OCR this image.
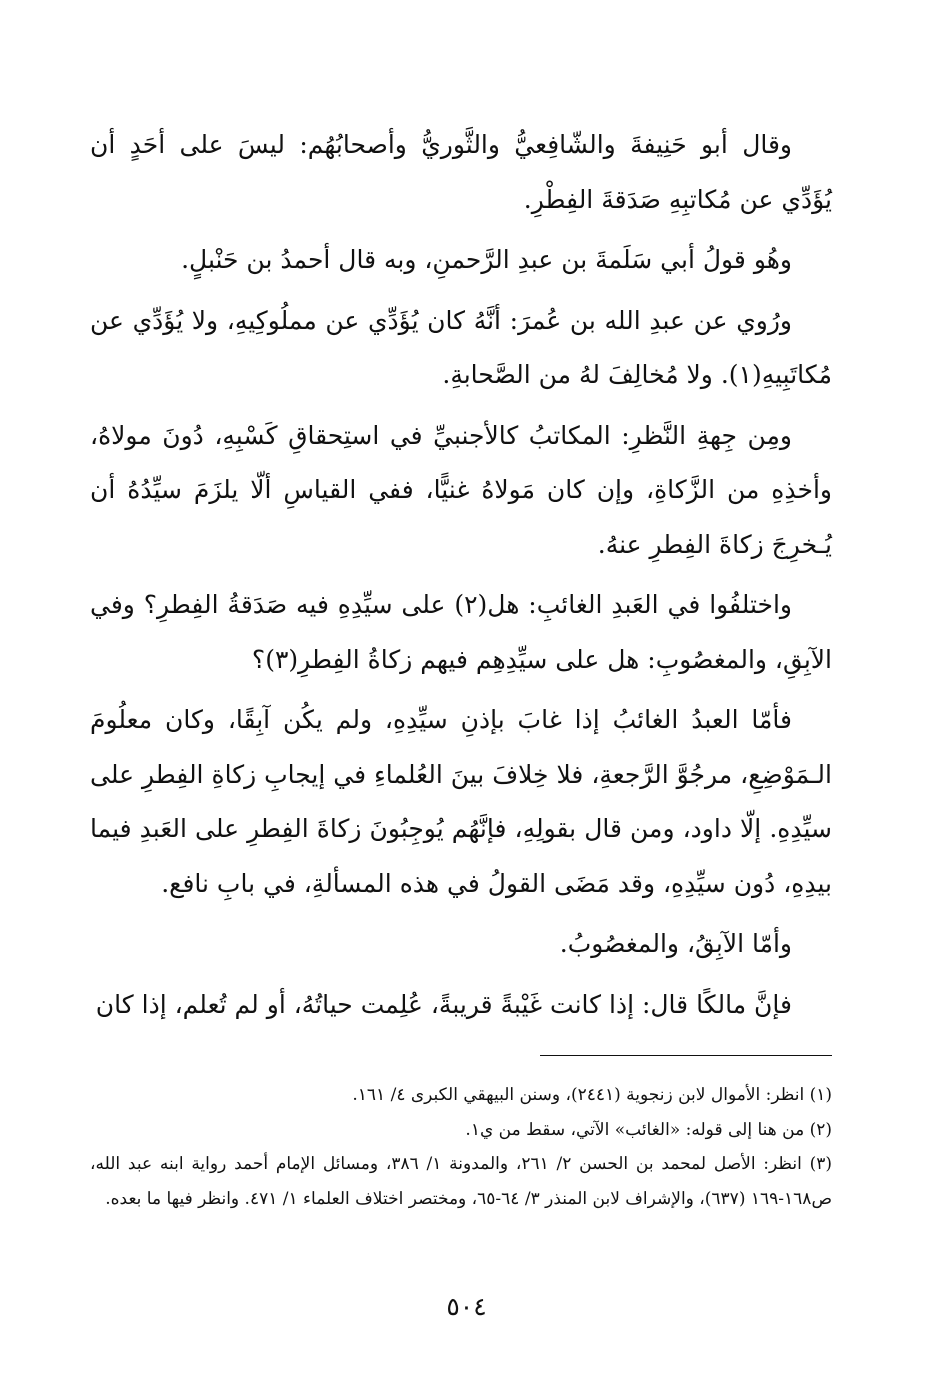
وقال أبو حَنِيفةَ والشّافِعيُّ والثَّوريُّ وأصحابُهُم: ليسَ على أحَدٍ أن يُؤَدِّي عن مُكاتبِهِ صَدَقةَ الفِطْرِ.

وهُو قولُ أبي سَلَمةَ بن عبدِ الرَّحمنِ، وبه قال أحمدُ بن حَنْبلٍ.

ورُوي عن عبدِ الله بن عُمرَ: أنَّهُ كان يُؤَدِّي عن مملُوكِيهِ، ولا يُؤَدِّي عن مُكاتَبِيهِ(١). ولا مُخالِفَ لهُ من الصَّحابةِ.

ومِن جِهةِ النَّظرِ: المكاتبُ كالأجنبيِّ في استِحقاقِ كَسْبِهِ، دُونَ مولاهُ، وأخذِهِ من الزَّكاةِ، وإن كان مَولاهُ غنيًّا، ففي القياسِ ألّا يلزَمَ سيِّدُهُ أن يُـخرِجَ زكاةَ الفِطرِ عنهُ.

واختلفُوا في العَبدِ الغائبِ: هل(٢) على سيِّدِهِ فيه صَدَقةُ الفِطرِ؟ وفي الآبِقِ، والمغصُوبِ: هل على سيِّدِهِم فيهم زكاةُ الفِطرِ(٣)؟

فأمّا العبدُ الغائبُ إذا غابَ بإذنِ سيِّدِهِ، ولم يكُن آبِقًا، وكان معلُومَ الـمَوْضِعِ، مرجُوَّ الرَّجعةِ، فلا خِلافَ بينَ العُلماءِ في إيجابِ زكاةِ الفِطرِ على سيِّدِهِ. إلّا داود، ومن قال بقولِهِ، فإنَّهُم يُوجِبُونَ زكاةَ الفِطرِ على العَبدِ فيما بيدِهِ، دُون سيِّدِهِ، وقد مَضَى القولُ في هذه المسألةِ، في بابِ نافع.

وأمّا الآبِقُ، والمغصُوبُ.

فإنَّ مالكًا قال: إذا كانت غَيْبةً قريبةً، عُلِمت حياتُهُ، أو لم تُعلم، إذا كان

(١) انظر: الأموال لابن زنجوية (٢٤٤١)، وسنن البيهقي الكبرى ٤/ ١٦١.

(٢) من هنا إلى قوله: «الغائب» الآتي، سقط من ي١.

(٣) انظر: الأصل لمحمد بن الحسن ٢/ ٢٦١، والمدونة ١/ ٣٨٦، ومسائل الإمام أحمد رواية ابنه عبد الله، ص١٦٨-١٦٩ (٦٣٧)، والإشراف لابن المنذر ٣/ ٦٤-٦٥، ومختصر اختلاف العلماء ١/ ٤٧١. وانظر فيها ما بعده.

٥٠٤
